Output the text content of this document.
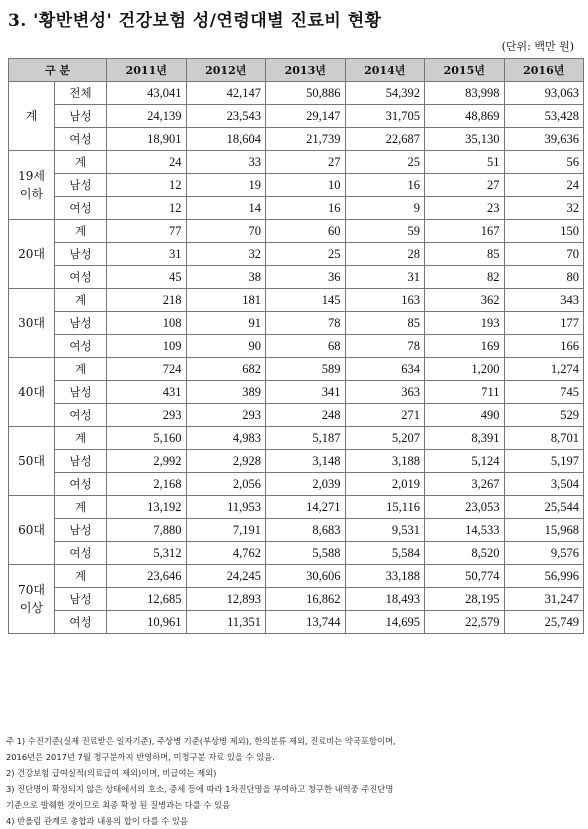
3. '황반변성' 건강보험 성/연령대별 진료비 현황
(단위: 백만 원)
구 분		2011년	2012년	2013년	2014년	2015년	2016년
계	전체	43,041	42,147	50,886	54,392	83,998	93,063
	남성	24,139	23,543	29,147	31,705	48,869	53,428
	여성	18,901	18,604	21,739	22,687	35,130	39,636
19세 이하	계	24	33	27	25	51	56
	남성	12	19	10	16	27	24
	여성	12	14	16	9	23	32
20대	계	77	70	60	59	167	150
	남성	31	32	25	28	85	70
	여성	45	38	36	31	82	80
30대	계	218	181	145	163	362	343
	남성	108	91	78	85	193	177
	여성	109	90	68	78	169	166
40대	계	724	682	589	634	1,200	1,274
	남성	431	389	341	363	711	745
	여성	293	293	248	271	490	529
50대	계	5,160	4,983	5,187	5,207	8,391	8,701
	남성	2,992	2,928	3,148	3,188	5,124	5,197
	여성	2,168	2,056	2,039	2,019	3,267	3,504
60대	계	13,192	11,953	14,271	15,116	23,053	25,544
	남성	7,880	7,191	8,683	9,531	14,533	15,968
	여성	5,312	4,762	5,588	5,584	8,520	9,576
70대 이상	계	23,646	24,245	30,606	33,188	50,774	56,996
	남성	12,685	12,893	16,862	18,493	28,195	31,247
	여성	10,961	11,351	13,744	14,695	22,579	25,749
주 1) 수진기준(실제 진료받은 일자기준), 주상병 기준(부상병 제외), 한의분류 제외, 진료비는 약국포함이며,
2016년은 2017년 7월 청구분까지 반영하며, 미청구분 자료 있을 수 있음.
2) 건강보험 급여실적(의료급여 제외)이며, 비급여는 제외)
3) 진단명이 확정되지 않은 상태에서의 호소, 증세 등에 따라 1차진단명을 부여하고 청구한 내역중 주진단명
기준으로 발췌한 것이므로 최종 확정 된 질병과는 다를 수 있음
4) 반올림 관계로 총합과 내용의 합이 다를 수 있음
